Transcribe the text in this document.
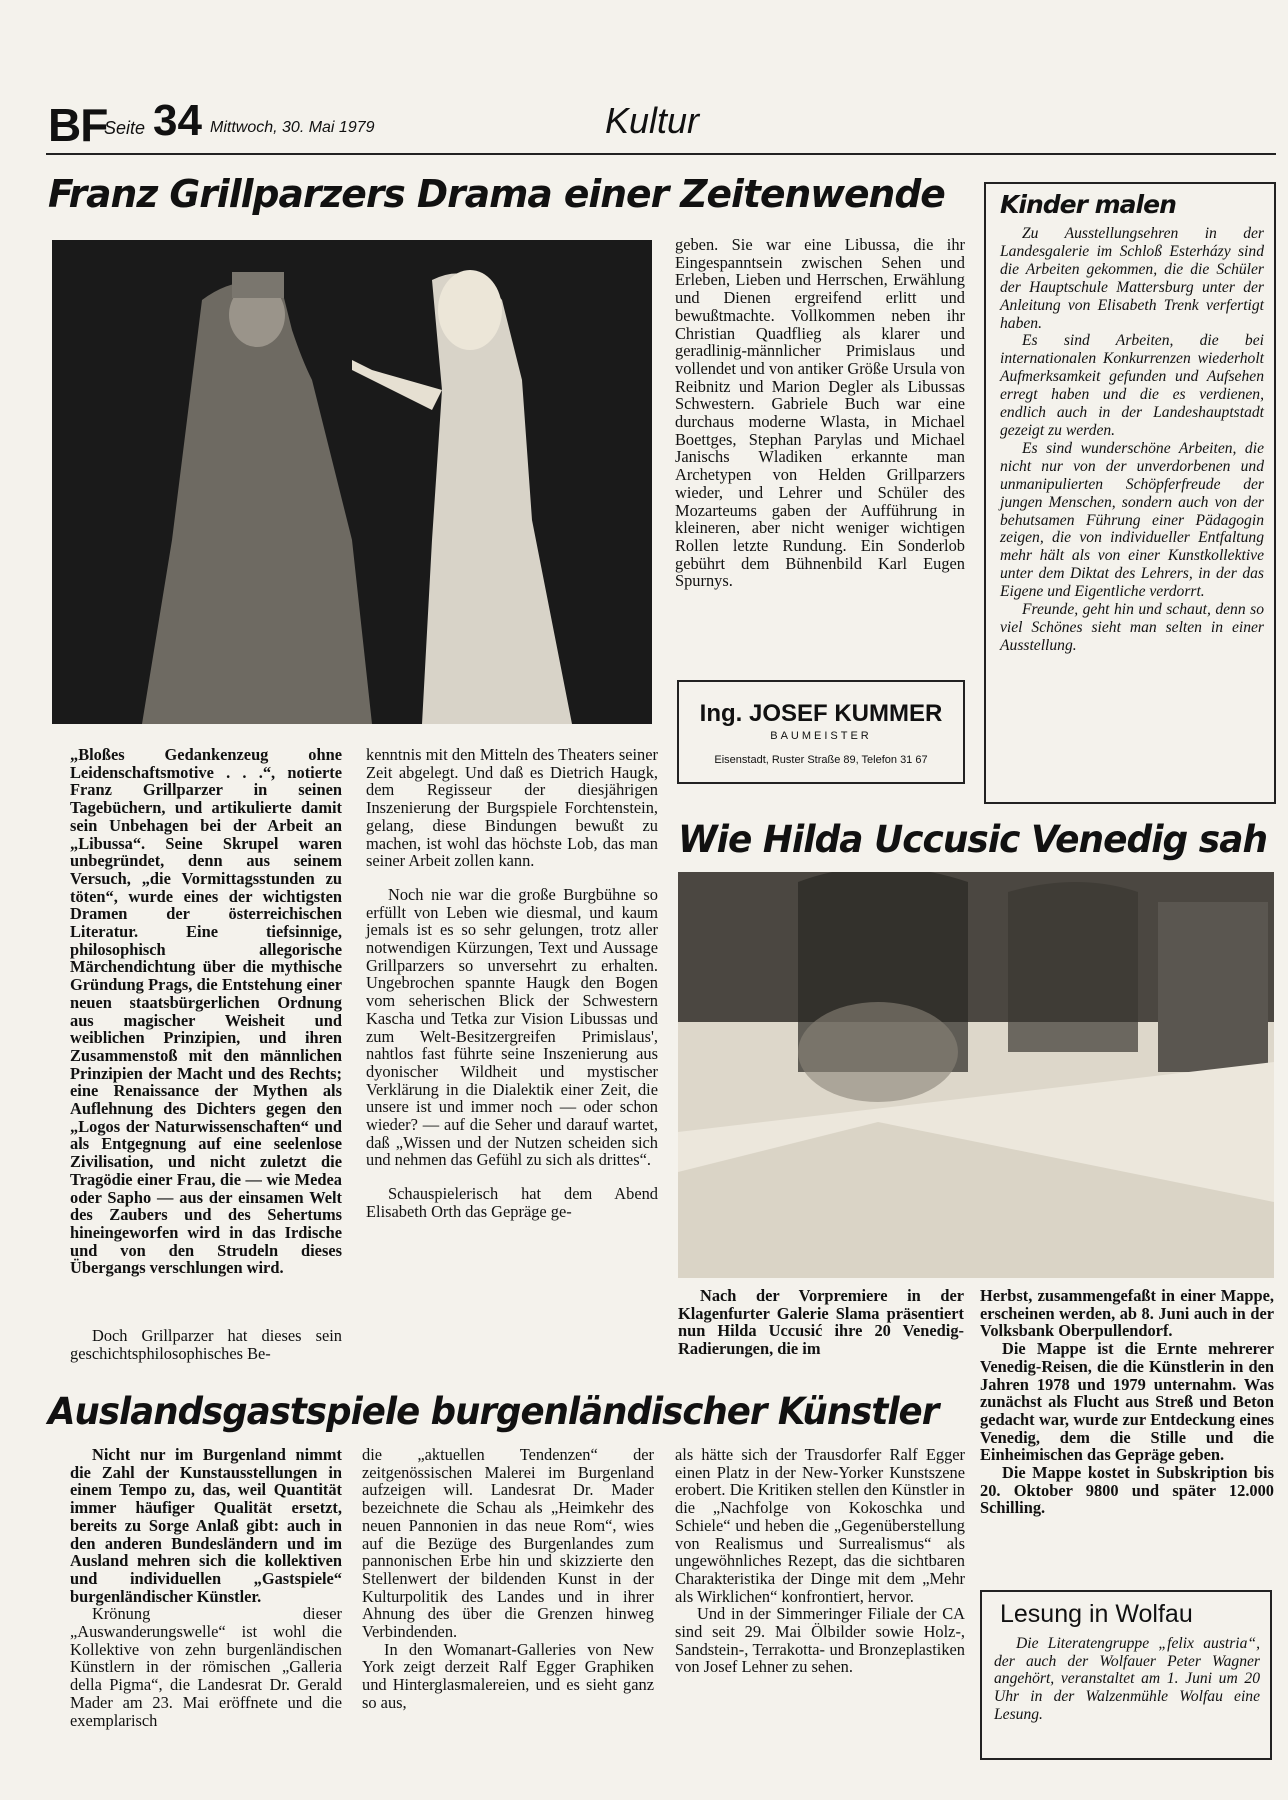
BF
Seite 34 Mittwoch, 30. Mai 1979	Kultur
Franz Grillparzers Drama einer Zeitenwende

„Bloßes Gedankenzeug ohne Leidenschaftsmotive . . .“, notierte Franz Grillparzer in seinen Tagebüchern, und artikulierte damit sein Unbehagen bei der Arbeit an „Libussa“. Seine Skrupel waren unbegründet, denn aus seinem Versuch, „die Vormittagsstunden zu töten“, wurde eines der wichtigsten Dramen der österreichischen Literatur. Eine tiefsinnige, philosophisch allegorische Märchendichtung über die mythische Gründung Prags, die Entstehung einer neuen staatsbürgerlichen Ordnung aus magischer Weisheit und weiblichen Prinzipien, und ihren Zusammenstoß mit den männlichen Prinzipien der Macht und des Rechts; eine Renaissance der Mythen als Auflehnung des Dichters gegen den „Logos der Naturwissenschaften“ und als Entgegnung auf eine seelenlose Zivilisation, und nicht zuletzt die Tragödie einer Frau, die — wie Medea oder Sapho — aus der einsamen Welt des Zaubers und des Sehertums hineingeworfen wird in das Irdische und von den Strudeln dieses Übergangs verschlungen wird.

Doch Grillparzer hat dieses sein geschichtsphilosophisches Be-

kenntnis mit den Mitteln des Theaters seiner Zeit abgelegt. Und daß es Dietrich Haugk, dem Regisseur der diesjährigen Inszenierung der Burgspiele Forchtenstein, gelang, diese Bindungen bewußt zu machen, ist wohl das höchste Lob, das man seiner Arbeit zollen kann.

Noch nie war die große Burgbühne so erfüllt von Leben wie diesmal, und kaum jemals ist es so sehr gelungen, trotz aller notwendigen Kürzungen, Text und Aussage Grillparzers so unversehrt zu erhalten. Ungebrochen spannte Haugk den Bogen vom seherischen Blick der Schwestern Kascha und Tetka zur Vision Libussas und zum Welt-Besitzergreifen Primislaus', nahtlos fast führte seine Inszenierung aus dyonischer Wildheit und mystischer Verklärung in die Dialektik einer Zeit, die unsere ist und immer noch — oder schon wieder? — auf die Seher und darauf wartet, daß „Wissen und der Nutzen scheiden sich und nehmen das Gefühl zu sich als drittes“.

Schauspielerisch hat dem Abend Elisabeth Orth das Gepräge ge-

geben. Sie war eine Libussa, die ihr Eingespanntsein zwischen Sehen und Erleben, Lieben und Herrschen, Erwählung und Dienen ergreifend erlitt und bewußtmachte. Vollkommen neben ihr Christian Quadflieg als klarer und geradlinig-männlicher Primislaus und vollendet und von antiker Größe Ursula von Reibnitz und Marion Degler als Libussas Schwestern. Gabriele Buch war eine durchaus moderne Wlasta, in Michael Boettges, Stephan Parylas und Michael Janischs Wladiken erkannte man Archetypen von Helden Grillparzers wieder, und Lehrer und Schüler des Mozarteums gaben der Aufführung in kleineren, aber nicht weniger wichtigen Rollen letzte Rundung. Ein Sonderlob gebührt dem Bühnenbild Karl Eugen Spurnys.

Ing. JOSEF KUMMER
BAUMEISTER
Eisenstadt, Ruster Straße 89, Telefon 31 67
Kinder malen

Zu Ausstellungsehren in der Landesgalerie im Schloß Esterházy sind die Arbeiten gekommen, die die Schüler der Hauptschule Mattersburg unter der Anleitung von Elisabeth Trenk verfertigt haben.

Es sind Arbeiten, die bei internationalen Konkurrenzen wiederholt Aufmerksamkeit gefunden und Aufsehen erregt haben und die es verdienen, endlich auch in der Landeshauptstadt gezeigt zu werden.

Es sind wunderschöne Arbeiten, die nicht nur von der unverdorbenen und unmanipulierten Schöpferfreude der jungen Menschen, sondern auch von der behutsamen Führung einer Pädagogin zeigen, die von individueller Entfaltung mehr hält als von einer Kunstkollektive unter dem Diktat des Lehrers, in der das Eigene und Eigentliche verdorrt.

Freunde, geht hin und schaut, denn so viel Schönes sieht man selten in einer Ausstellung.

Wie Hilda Uccusic Venedig sah
Nach der Vorpremiere in der Klagenfurter Galerie Slama präsentiert nun Hilda Uccusić ihre 20 Venedig-Radierungen, die im

Herbst, zusammengefaßt in einer Mappe, erscheinen werden, ab 8. Juni auch in der Volksbank Oberpullendorf.

Die Mappe ist die Ernte mehrerer Venedig-Reisen, die die Künstlerin in den Jahren 1978 und 1979 unternahm. Was zunächst als Flucht aus Streß und Beton gedacht war, wurde zur Entdeckung eines Venedig, dem die Stille und die Einheimischen das Gepräge geben.

Die Mappe kostet in Subskription bis 20. Oktober 9800 und später 12.000 Schilling.

Auslandsgastspiele burgenländischer Künstler

Nicht nur im Burgenland nimmt die Zahl der Kunstausstellungen in einem Tempo zu, das, weil Quantität immer häufiger Qualität ersetzt, bereits zu Sorge Anlaß gibt: auch in den anderen Bundesländern und im Ausland mehren sich die kollektiven und individuellen „Gastspiele“ burgenländischer Künstler.

Krönung dieser „Auswanderungswelle“ ist wohl die Kollektive von zehn burgenländischen Künstlern in der römischen „Galleria della Pigma“, die Landesrat Dr. Gerald Mader am 23. Mai eröffnete und die exemplarisch

die „aktuellen Tendenzen“ der zeitgenössischen Malerei im Burgenland aufzeigen will. Landesrat Dr. Mader bezeichnete die Schau als „Heimkehr des neuen Pannonien in das neue Rom“, wies auf die Bezüge des Burgenlandes zum pannonischen Erbe hin und skizzierte den Stellenwert der bildenden Kunst in der Kulturpolitik des Landes und in ihrer Ahnung des über die Grenzen hinweg Verbindenden.

In den Womanart-Galleries von New York zeigt derzeit Ralf Egger Graphiken und Hinterglasmalereien, und es sieht ganz so aus,

als hätte sich der Trausdorfer Ralf Egger einen Platz in der New-Yorker Kunstszene erobert. Die Kritiken stellen den Künstler in die „Nachfolge von Kokoschka und Schiele“ und heben die „Gegenüberstellung von Realismus und Surrealismus“ als ungewöhnliches Rezept, das die sichtbaren Charakteristika der Dinge mit dem „Mehr als Wirklichen“ konfrontiert, hervor.

Und in der Simmeringer Filiale der CA sind seit 29. Mai Ölbilder sowie Holz-, Sandstein-, Terrakotta- und Bronzeplastiken von Josef Lehner zu sehen.

Lesung in Wolfau
Die Literatengruppe „felix austria“, der auch der Wolfauer Peter Wagner angehört, veranstaltet am 1. Juni um 20 Uhr in der Walzenmühle Wolfau eine Lesung.
